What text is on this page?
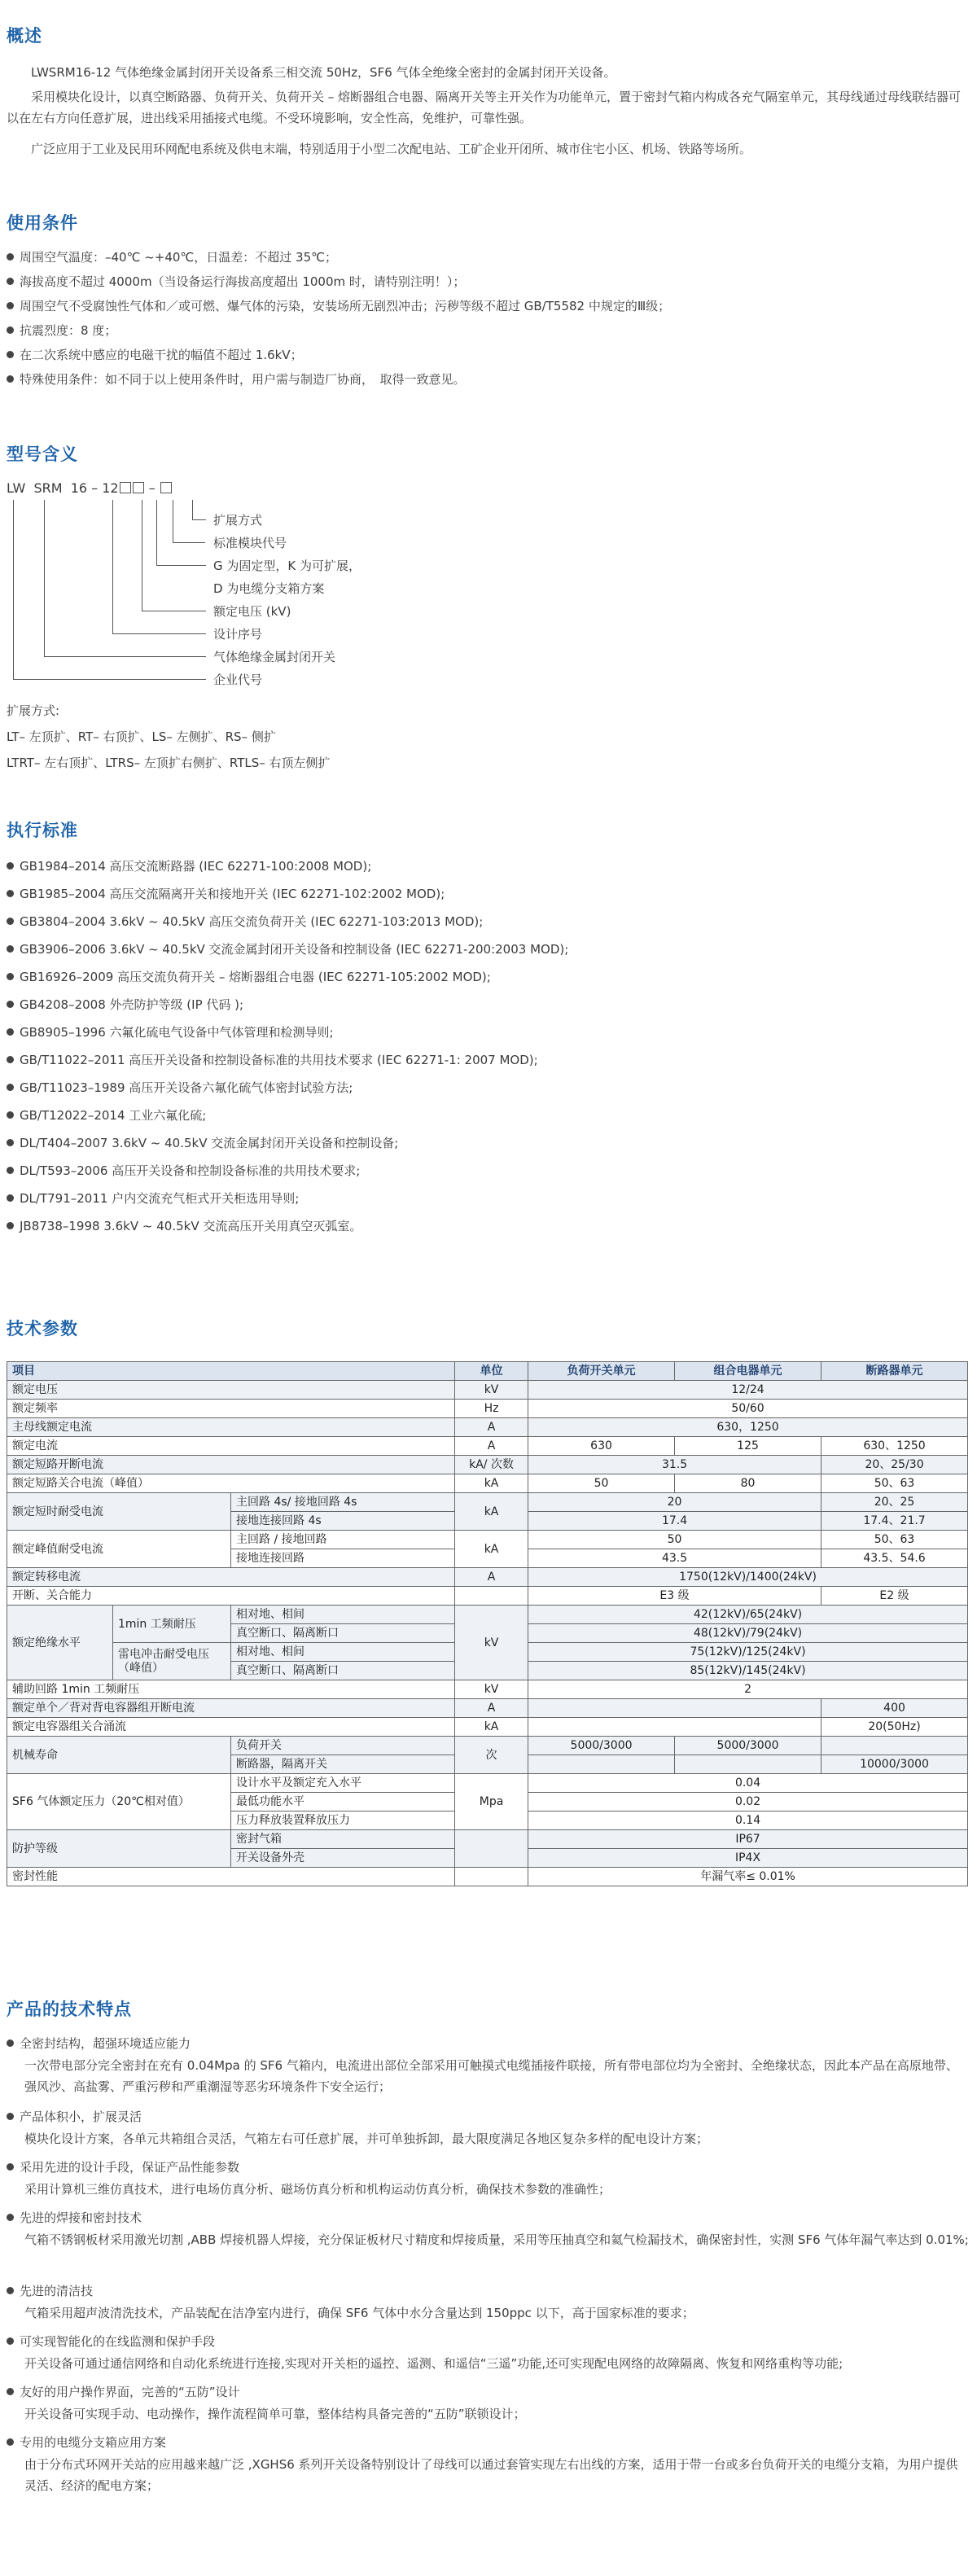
概述
LWSRM16-12 气体绝缘金属封闭开关设备系三相交流 50Hz，SF6 气体全绝缘全密封的金属封闭开关设备。
采用模块化设计，以真空断路器、负荷开关、负荷开关 – 熔断器组合电器、隔离开关等主开关作为功能单元，置于密封气箱内构成各充气隔室单元，其母线通过母线联结器可以在左右方向任意扩展，进出线采用插接式电缆。不受环境影响，安全性高，免维护，可靠性强。
广泛应用于工业及民用环网配电系统及供电末端，特别适用于小型二次配电站、工矿企业开闭所、城市住宅小区、机场、铁路等场所。
使用条件
周围空气温度：–40℃ ~+40℃，日温差：不超过 35℃；
海拔高度不超过 4000m（当设备运行海拔高度超出 1000m 时，请特别注明！）；
周围空气不受腐蚀性气体和／或可燃、爆气体的污染，安装场所无剧烈冲击；污秽等级不超过 GB/T5582 中规定的Ⅲ级；
抗震烈度：8 度；
在二次系统中感应的电磁干扰的幅值不超过 1.6kV；
特殊使用条件：如不同于以上使用条件时，用户需与制造厂协商，　取得一致意见。
型号含义
LW SRM 16 – 12 –
扩展方式
标准模块代号
G 为固定型，K 为可扩展，
D 为电缆分支箱方案
额定电压 (kV)
设计序号
气体绝缘金属封闭开关
企业代号
扩展方式:
LT– 左顶扩、RT– 右顶扩、LS– 左侧扩、RS– 侧扩
LTRT– 左右顶扩、LTRS– 左顶扩右侧扩、RTLS– 右顶左侧扩
执行标准
GB1984–2014 高压交流断路器 (IEC 62271-100:2008 MOD);
GB1985–2004 高压交流隔离开关和接地开关 (IEC 62271-102:2002 MOD);
GB3804–2004 3.6kV ~ 40.5kV 高压交流负荷开关 (IEC 62271-103:2013 MOD);
GB3906–2006 3.6kV ~ 40.5kV 交流金属封闭开关设备和控制设备 (IEC 62271-200:2003 MOD);
GB16926–2009 高压交流负荷开关 – 熔断器组合电器 (IEC 62271-105:2002 MOD);
GB4208–2008 外壳防护等级 (IP 代码 );
GB8905–1996 六氟化硫电气设备中气体管理和检测导则;
GB/T11022–2011 高压开关设备和控制设备标准的共用技术要求 (IEC 62271-1: 2007 MOD);
GB/T11023–1989 高压开关设备六氟化硫气体密封试验方法;
GB/T12022–2014 工业六氟化硫;
DL/T404–2007 3.6kV ~ 40.5kV 交流金属封闭开关设备和控制设备;
DL/T593–2006 高压开关设备和控制设备标准的共用技术要求;
DL/T791–2011 户内交流充气柜式开关柜选用导则;
JB8738–1998 3.6kV ~ 40.5kV 交流高压开关用真空灭弧室。
技术参数
项目			单位	负荷开关单元	组合电器单元	断路器单元
额定电压			kV	12/24		
额定频率			Hz	50/60		
主母线额定电流			A	630，1250		
额定电流			A	630	125	630、1250
额定短路开断电流			kA/ 次数	31.5		20、25/30
额定短路关合电流（峰值）			kA	50	80	50、63
额定短时耐受电流		主回路 4s/ 接地回路 4s	kA	20		20、25
		接地连接回路 4s		17.4		17.4、21.7
额定峰值耐受电流		主回路 / 接地回路	kA	50		50、63
		接地连接回路		43.5		43.5、54.6
额定转移电流			A	1750(12kV)/1400(24kV)		
开断、关合能力				E3 级		E2 级
额定绝缘水平	1min 工频耐压	相对地、相间	kV	42(12kV)/65(24kV)		
		真空断口、隔离断口		48(12kV)/79(24kV)		
	雷电冲击耐受电压（峰值）	相对地、相间		75(12kV)/125(24kV)		
		真空断口、隔离断口		85(12kV)/145(24kV)		
辅助回路 1min 工频耐压			kV	2		
额定单个／背对背电容器组开断电流			A			400
额定电容器组关合涌流			kA			20(50Hz)
机械寿命		负荷开关	次	5000/3000	5000/3000	
		断路器，隔离开关				10000/3000
SF6 气体额定压力（20℃相对值）		设计水平及额定充入水平	Mpa	0.04		
		最低功能水平		0.02		
		压力释放装置释放压力		0.14		
防护等级		密封气箱		IP67		
		开关设备外壳		IP4X		
密封性能				年漏气率≤ 0.01%		
产品的技术特点
全密封结构，超强环境适应能力
一次带电部分完全密封在充有 0.04Mpa 的 SF6 气箱内，电流进出部位全部采用可触摸式电缆插接件联接，所有带电部位均为全密封、全绝缘状态，因此本产品在高原地带、强风沙、高盐雾、严重污秽和严重潮湿等恶劣环境条件下安全运行；
产品体积小，扩展灵活
模块化设计方案，各单元共箱组合灵活，气箱左右可任意扩展，并可单独拆卸，最大限度满足各地区复杂多样的配电设计方案；
采用先进的设计手段，保证产品性能参数
采用计算机三维仿真技术，进行电场仿真分析、磁场仿真分析和机构运动仿真分析，确保技术参数的准确性；
先进的焊接和密封技术
气箱不锈钢板材采用激光切割 ,ABB 焊接机器人焊接，充分保证板材尺寸精度和焊接质量，采用等压抽真空和氦气检漏技术，确保密封性，实测 SF6 气体年漏气率达到 0.01%;
先进的清洁技
气箱采用超声波清洗技术，产品装配在洁净室内进行，确保 SF6 气体中水分含量达到 150ppc 以下，高于国家标准的要求；
可实现智能化的在线监测和保护手段
开关设备可通过通信网络和自动化系统进行连接,实现对开关柜的遥控、遥测、和遥信“三遥”功能,还可实现配电网络的故障隔离、恢复和网络重构等功能;
友好的用户操作界面，完善的“五防”设计
开关设备可实现手动、电动操作，操作流程简单可靠，整体结构具备完善的“五防”联锁设计；
专用的电缆分支箱应用方案
由于分布式环网开关站的应用越来越广泛 ,XGHS6 系列开关设备特别设计了母线可以通过套管实现左右出线的方案，适用于带一台或多台负荷开关的电缆分支箱，为用户提供灵活、经济的配电方案；
